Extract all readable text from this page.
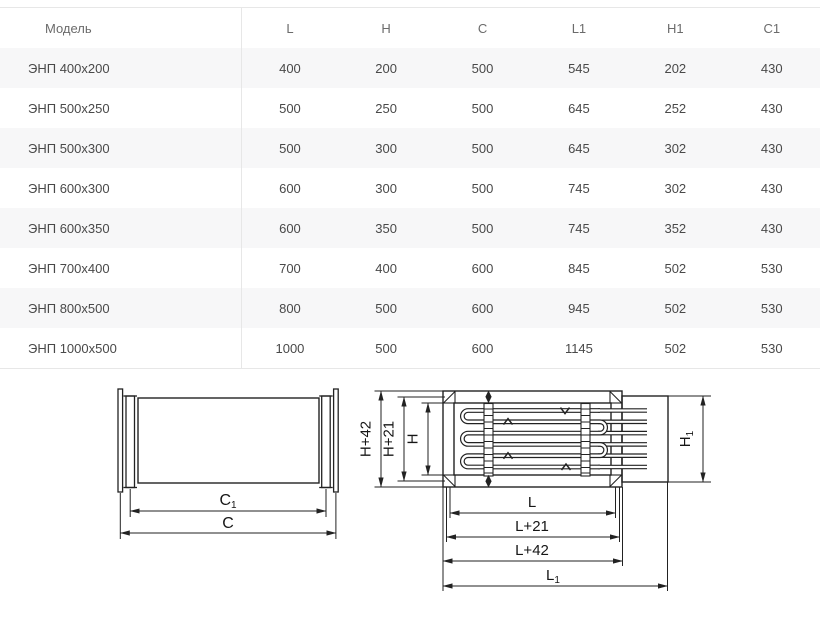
Модель	L	H	C	L1	H1	C1
ЭНП 400х200	400	200	500	545	202	430
ЭНП 500х250	500	250	500	645	252	430
ЭНП 500х300	500	300	500	645	302	430
ЭНП 600х300	600	300	500	745	302	430
ЭНП 600х350	600	350	500	745	352	430
ЭНП 700х400	700	400	600	845	502	530
ЭНП 800х500	800	500	600	945	502	530
ЭНП 1000х500	1000	500	600	1145	502	530
C1
C
H+42 H+21 H	$H_1$
L
L+21
L+42
$L_1$
